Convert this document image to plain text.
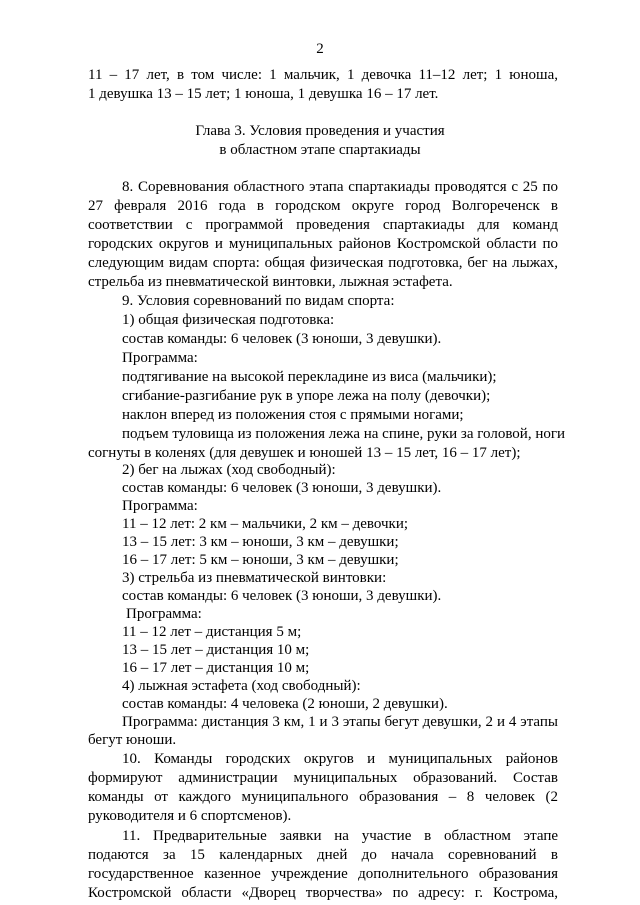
2
11 – 17 лет, в том числе: 1 мальчик, 1 девочка 11–12 лет; 1 юноша,
1 девушка 13 – 15 лет; 1 юноша, 1 девушка 16 – 17 лет.
Глава 3. Условия проведения и участия
в областном этапе спартакиады
8. Соревнования областного этапа спартакиады проводятся с 25 по
27 февраля 2016 года в городском округе город Волгореченск в
соответствии с программой проведения спартакиады для команд
городских округов и муниципальных районов Костромской области по
следующим видам спорта: общая физическая подготовка, бег на лыжах,
стрельба из пневматической винтовки, лыжная эстафета.
9. Условия соревнований по видам спорта:
1) общая физическая подготовка:
состав команды: 6 человек (3 юноши, 3 девушки).
Программа:
подтягивание на высокой перекладине из виса (мальчики);
сгибание-разгибание рук в упоре лежа на полу (девочки);
наклон вперед из положения стоя с прямыми ногами;
подъем туловища из положения лежа на спине, руки за головой, ноги
согнуты в коленях (для девушек и юношей 13 – 15 лет, 16 – 17 лет);
2) бег на лыжах (ход свободный):
состав команды: 6 человек (3 юноши, 3 девушки).
Программа:
11 – 12 лет: 2 км – мальчики, 2 км – девочки;
13 – 15 лет: 3 км – юноши, 3 км – девушки;
16 – 17 лет: 5 км – юноши, 3 км – девушки;
3) стрельба из пневматической винтовки:
состав команды: 6 человек (3 юноши, 3 девушки).
Программа:
11 – 12 лет – дистанция 5 м;
13 – 15 лет – дистанция 10 м;
16 – 17 лет – дистанция 10 м;
4) лыжная эстафета (ход свободный):
состав команды: 4 человека (2 юноши, 2 девушки).
Программа: дистанция 3 км, 1 и 3 этапы бегут девушки, 2 и 4 этапы
бегут юноши.
10. Команды городских округов и муниципальных районов
формируют администрации муниципальных образований. Состав
команды от каждого муниципального образования – 8 человек (2
руководителя и 6 спортсменов).
11. Предварительные заявки на участие в областном этапе
подаются за 15 календарных дней до начала соревнований в
государственное казенное учреждение дополнительного образования
Костромской области «Дворец творчества» по адресу: г. Кострома,
